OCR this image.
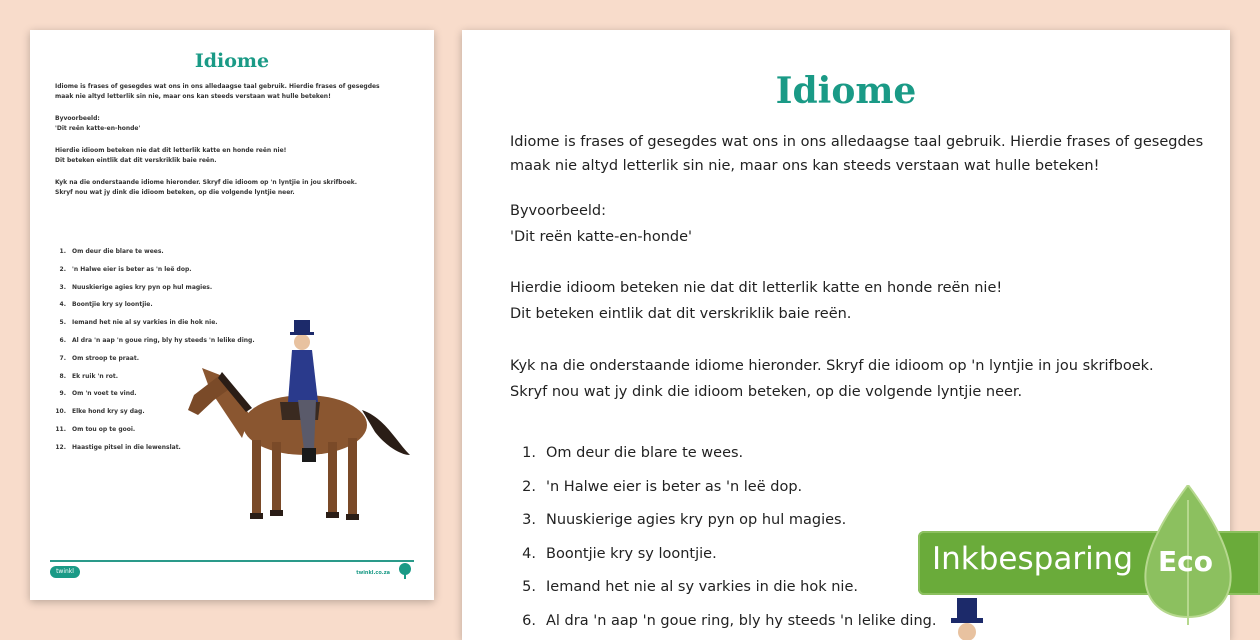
Idiome
Idiome is frases of gesegdes wat ons in ons alledaagse taal gebruik. Hierdie frases of gesegdes
maak nie altyd letterlik sin nie, maar ons kan steeds verstaan wat hulle beteken!
Byvoorbeeld:
'Dit reën katte-en-honde'
Hierdie idioom beteken nie dat dit letterlik katte en honde reën nie!
Dit beteken eintlik dat dit verskriklik baie reën.
Kyk na die onderstaande idiome hieronder. Skryf die idioom op 'n lyntjie in jou skrifboek.
Skryf nou wat jy dink die idioom beteken, op die volgende lyntjie neer.
1. Om deur die blare te wees.
2. 'n Halwe eier is beter as 'n leë dop.
3. Nuuskierige agies kry pyn op hul magies.
4. Boontjie kry sy loontjie.
5. Iemand het nie al sy varkies in die hok nie.
6. Al dra 'n aap 'n goue ring, bly hy steeds 'n lelike ding.
7. Om stroop te praat.
8. Ek ruik 'n rot.
9. Om 'n voet te vind.
10. Elke hond kry sy dag.
11. Om tou op te gooi.
12. Haastige pitsel in die lewenslat.
twinkl	twinkl.co.za
Idiome
Idiome is frases of gesegdes wat ons in ons alledaagse taal gebruik. Hierdie frases of gesegdes
maak nie altyd letterlik sin nie, maar ons kan steeds verstaan wat hulle beteken!
Byvoorbeeld:
'Dit reën katte-en-honde'
Hierdie idioom beteken nie dat dit letterlik katte en honde reën nie!
Dit beteken eintlik dat dit verskriklik baie reën.
Kyk na die onderstaande idiome hieronder. Skryf die idioom op 'n lyntjie in jou skrifboek.
Skryf nou wat jy dink die idioom beteken, op die volgende lyntjie neer.
1. Om deur die blare te wees.
2. 'n Halwe eier is beter as 'n leë dop.
3. Nuuskierige agies kry pyn op hul magies.
4. Boontjie kry sy loontjie.
5. Iemand het nie al sy varkies in die hok nie.
6. Al dra 'n aap 'n goue ring, bly hy steeds 'n lelike ding.
Inkbesparing Eco
